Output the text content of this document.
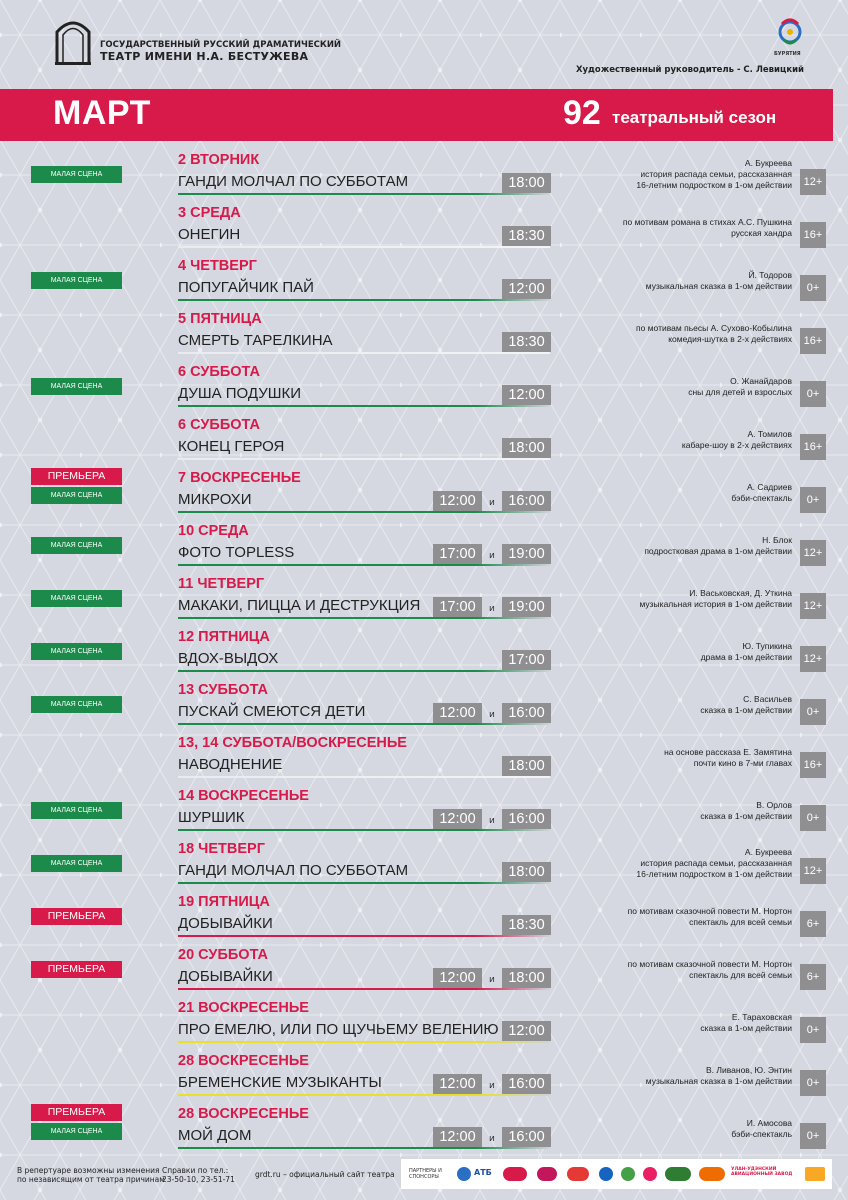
ГОСУДАРСТВЕННЫЙ РУССКИЙ ДРАМАТИЧЕСКИЙ
ТЕАТР ИМЕНИ Н.А. БЕСТУЖЕВА	БУРЯТИЯ
Художественный руководитель - С. Левицкий
МАРТ	92 театральный сезон
МАЛАЯ СЦЕНА
2 ВТОРНИК
ГАНДИ МОЛЧАЛ ПО СУББОТАМ	18:00
А. Букреева
история распада семьи, рассказанная
16-летним подростком в 1-ом действии	12+
3 СРЕДА
ОНЕГИН	18:30
по мотивам романа в стихах А.С. Пушкина
русская хандра	16+
МАЛАЯ СЦЕНА
4 ЧЕТВЕРГ
ПОПУГАЙЧИК ПАЙ	12:00
Й. Тодоров
музыкальная сказка в 1-ом действии	0+
5 ПЯТНИЦА
СМЕРТЬ ТАРЕЛКИНА	18:30
по мотивам пьесы А. Сухово-Кобылина
комедия-шутка в 2-х действиях	16+
МАЛАЯ СЦЕНА
6 СУББОТА
ДУША ПОДУШКИ	12:00
О. Жанайдаров
сны для детей и взрослых	0+
6 СУББОТА
КОНЕЦ ГЕРОЯ	18:00
А. Томилов
кабаре-шоу в 2-х действиях	16+
ПРЕМЬЕРА
МАЛАЯ СЦЕНА
7 ВОСКРЕСЕНЬЕ
МИКРОХИ	12:00	и 16:00
А. Садриев
бэби-спектакль	0+
МАЛАЯ СЦЕНА
10 СРЕДА
ФОТО TOPLESS	17:00	и 19:00
Н. Блок
подростковая драма в 1-ом действии	12+
МАЛАЯ СЦЕНА
11 ЧЕТВЕРГ
МАКАКИ, ПИЦЦА И ДЕСТРУКЦИЯ	17:00	и 19:00
И. Васьковская, Д. Уткина
музыкальная история в 1-ом действии	12+
МАЛАЯ СЦЕНА
12 ПЯТНИЦА
ВДОХ-ВЫДОХ	17:00
Ю. Тупикина
драма в 1-ом действии	12+
МАЛАЯ СЦЕНА
13 СУББОТА
ПУСКАЙ СМЕЮТСЯ ДЕТИ	12:00	и 16:00
С. Васильев
сказка в 1-ом действии	0+
13, 14 СУББОТА/ВОСКРЕСЕНЬЕ
НАВОДНЕНИЕ	18:00
на основе рассказа Е. Замятина
почти кино в 7-ми главах	16+
МАЛАЯ СЦЕНА
14 ВОСКРЕСЕНЬЕ
ШУРШИК	12:00	и 16:00
В. Орлов
сказка в 1-ом действии	0+
МАЛАЯ СЦЕНА
18 ЧЕТВЕРГ
ГАНДИ МОЛЧАЛ ПО СУББОТАМ	18:00
А. Букреева
история распада семьи, рассказанная
16-летним подростком в 1-ом действии	12+
ПРЕМЬЕРА
19 ПЯТНИЦА
ДОБЫВАЙКИ	18:30
по мотивам сказочной повести М. Нортон
спектакль для всей семьи	6+
ПРЕМЬЕРА
20 СУББОТА
ДОБЫВАЙКИ	12:00	и 18:00
по мотивам сказочной повести М. Нортон
спектакль для всей семьи	6+
21 ВОСКРЕСЕНЬЕ
ПРО ЕМЕЛЮ, ИЛИ ПО ЩУЧЬЕМУ ВЕЛЕНИЮ 12:00
Е. Тараховская
сказка в 1-ом действии	0+
28 ВОСКРЕСЕНЬЕ
БРЕМЕНСКИЕ МУЗЫКАНТЫ	12:00	и 16:00
В. Ливанов, Ю. Энтин
музыкальная сказка в 1-ом действии	0+
ПРЕМЬЕРА
МАЛАЯ СЦЕНА
28 ВОСКРЕСЕНЬЕ
МОЙ ДОМ	12:00	и 16:00
И. Амосова
бэби-спектакль	0+
В репертуаре возможны изменения
по независящим от театра причинам
Справки по тел.:
23-50-10, 23-51-71
grdt.ru – официальный сайт театра	ПАРТНЕРЫ И
СПОНСОРЫ	АТБ	УЛАН-УДЭНСКИЙ АВИАЦИОННЫЙ ЗАВОД
